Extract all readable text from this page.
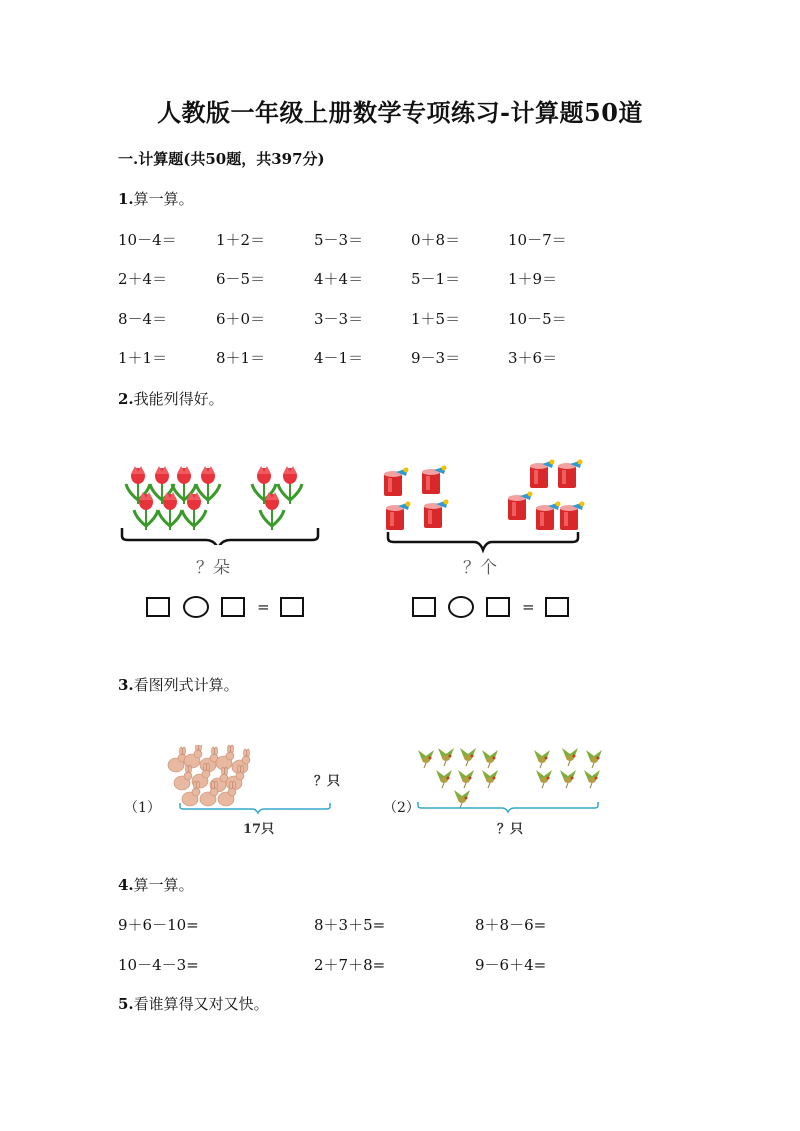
人教版一年级上册数学专项练习-计算题50道
一.计算题(共50题，共397分)
1.算一算。
10－4＝	1＋2＝	5－3＝	0＋8＝	10－7＝
2＋4＝	6－5＝	4＋4＝	5－1＝	1＋9＝
8－4＝	6＋0＝	3－3＝	1＋5＝	10－5＝
1＋1＝	8＋1＝	4－1＝	9－3＝	3＋6＝
2.我能列得好。
？朵
=
？个
=
3.看图列式计算。
（1）
？只
17只
（2）
？只
4.算一算。
9＋6－10=	8＋3＋5=	8＋8－6=
10－4－3=	2＋7＋8=	9－6＋4=
5.看谁算得又对又快。
